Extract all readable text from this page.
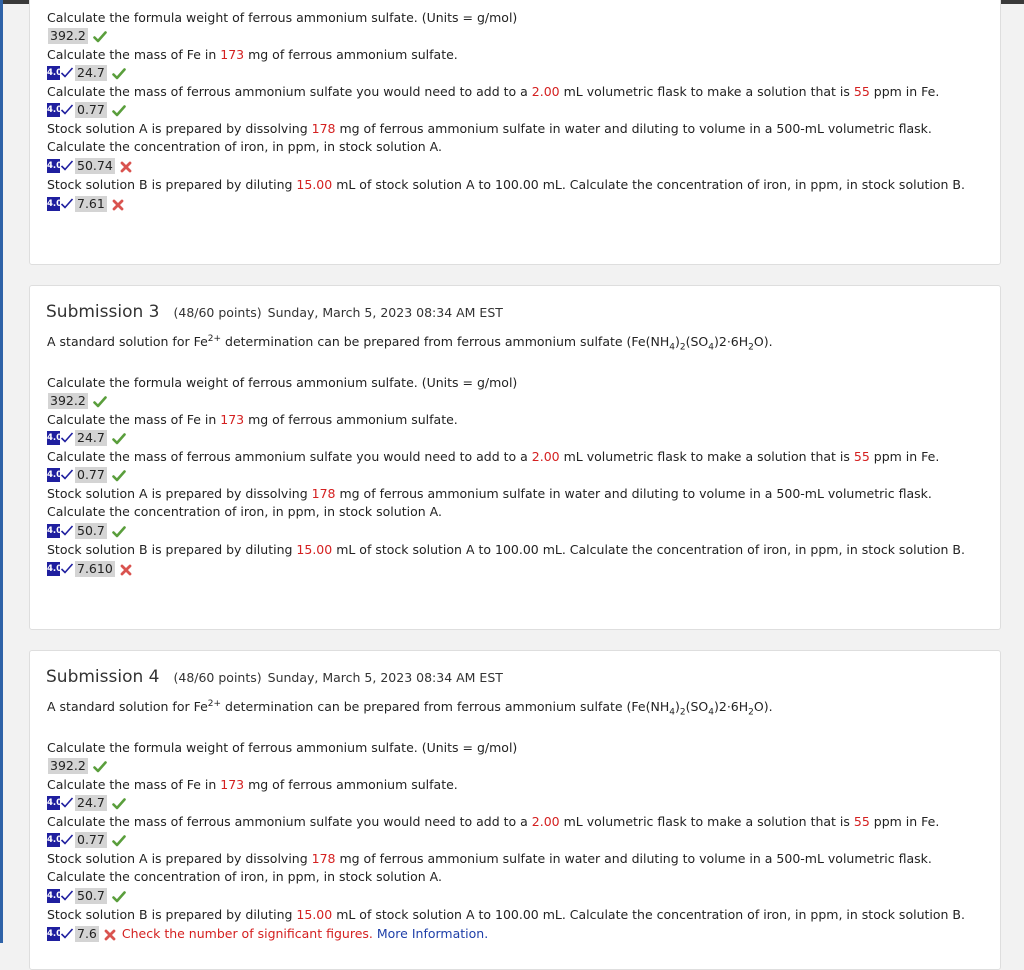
Calculate the formula weight of ferrous ammonium sulfate. (Units = g/mol)
392.2
Calculate the mass of Fe in 173 mg of ferrous ammonium sulfate.
4.0 24.7
Calculate the mass of ferrous ammonium sulfate you would need to add to a 2.00 mL volumetric flask to make a solution that is 55 ppm in Fe.
4.0 0.77
Stock solution A is prepared by dissolving 178 mg of ferrous ammonium sulfate in water and diluting to volume in a 500-mL volumetric flask.
Calculate the concentration of iron, in ppm, in stock solution A.
4.0 50.74
Stock solution B is prepared by diluting 15.00 mL of stock solution A to 100.00 mL. Calculate the concentration of iron, in ppm, in stock solution B.
4.0 7.61
Submission 3 (48/60 points) Sunday, March 5, 2023 08:34 AM EST
A standard solution for $Fe^{2+}$ determination can be prepared from ferrous ammonium sulfate $(Fe(NH_4)_2(SO_4)2\cdot 6H_2O)$.
Calculate the formula weight of ferrous ammonium sulfate. (Units = g/mol)
392.2
Calculate the mass of Fe in 173 mg of ferrous ammonium sulfate.
4.0 24.7
Calculate the mass of ferrous ammonium sulfate you would need to add to a 2.00 mL volumetric flask to make a solution that is 55 ppm in Fe.
4.0 0.77
Stock solution A is prepared by dissolving 178 mg of ferrous ammonium sulfate in water and diluting to volume in a 500-mL volumetric flask.
Calculate the concentration of iron, in ppm, in stock solution A.
4.0 50.7
Stock solution B is prepared by diluting 15.00 mL of stock solution A to 100.00 mL. Calculate the concentration of iron, in ppm, in stock solution B.
4.0 7.610
Submission 4 (48/60 points) Sunday, March 5, 2023 08:34 AM EST
A standard solution for $Fe^{2+}$ determination can be prepared from ferrous ammonium sulfate $(Fe(NH_4)_2(SO_4)2\cdot 6H_2O)$.
Calculate the formula weight of ferrous ammonium sulfate. (Units = g/mol)
392.2
Calculate the mass of Fe in 173 mg of ferrous ammonium sulfate.
4.0 24.7
Calculate the mass of ferrous ammonium sulfate you would need to add to a 2.00 mL volumetric flask to make a solution that is 55 ppm in Fe.
4.0 0.77
Stock solution A is prepared by dissolving 178 mg of ferrous ammonium sulfate in water and diluting to volume in a 500-mL volumetric flask.
Calculate the concentration of iron, in ppm, in stock solution A.
4.0 50.7
Stock solution B is prepared by diluting 15.00 mL of stock solution A to 100.00 mL. Calculate the concentration of iron, in ppm, in stock solution B.
4.0 7.6 Check the number of significant figures. More Information.
